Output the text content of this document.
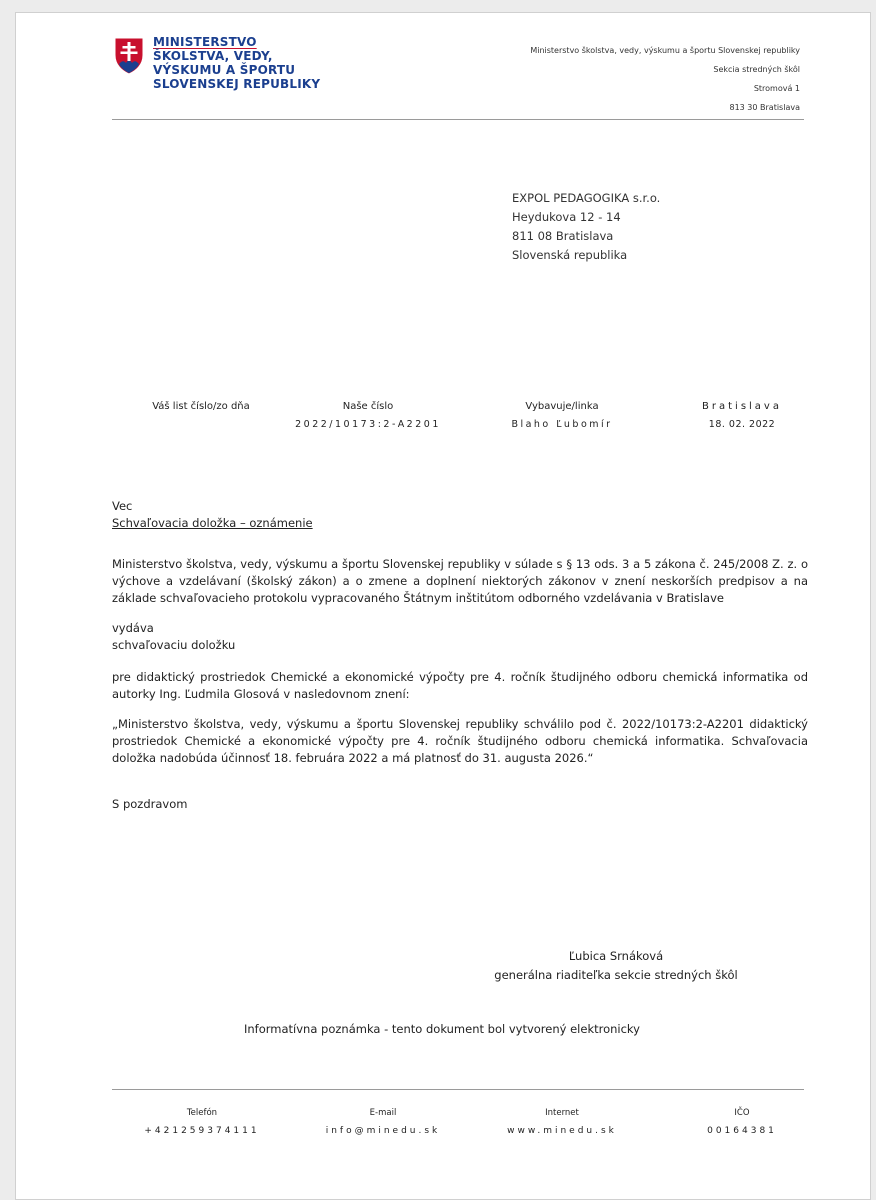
MINISTERSTVO
ŠKOLSTVA, VEDY,
VÝSKUMU A ŠPORTU
SLOVENSKEJ REPUBLIKY
Ministerstvo školstva, vedy, výskumu a športu Slovenskej republiky
Sekcia stredných škôl
Stromová 1
813 30 Bratislava
EXPOL PEDAGOGIKA s.r.o.
Heydukova 12 - 14
811 08 Bratislava
Slovenská republika
Váš list číslo/zo dňa	Naše číslo
2022/10173:2-A2201
Vybavuje/linka
Blaho Ľubomír
Bratislava
18. 02. 2022
Vec
Schvaľovacia doložka – oznámenie
Ministerstvo školstva, vedy, výskumu a športu Slovenskej republiky v súlade s § 13 ods. 3 a 5 zákona č. 245/2008 Z. z. o výchove a vzdelávaní (školský zákon) a o zmene a doplnení niektorých zákonov v znení neskorších predpisov a na základe schvaľovacieho protokolu vypracovaného Štátnym inštitútom odborného vzdelávania v Bratislave
vydáva
schvaľovaciu doložku
pre didaktický prostriedok Chemické a ekonomické výpočty pre 4. ročník študijného odboru chemická informatika od autorky Ing. Ľudmila Glosová v nasledovnom znení:
„Ministerstvo školstva, vedy, výskumu a športu Slovenskej republiky schválilo pod č. 2022/10173:2-A2201 didaktický prostriedok Chemické a ekonomické výpočty pre 4. ročník študijného odboru chemická informatika. Schvaľovacia doložka nadobúda účinnosť 18. februára 2022 a má platnosť do 31. augusta 2026.“
S pozdravom
Ľubica Srnáková
generálna riaditeľka sekcie stredných škôl
Informatívna poznámka - tento dokument bol vytvorený elektronicky
Telefón
+421259374111
E-mail
info@minedu.sk
Internet
www.minedu.sk
IČO
00164381
